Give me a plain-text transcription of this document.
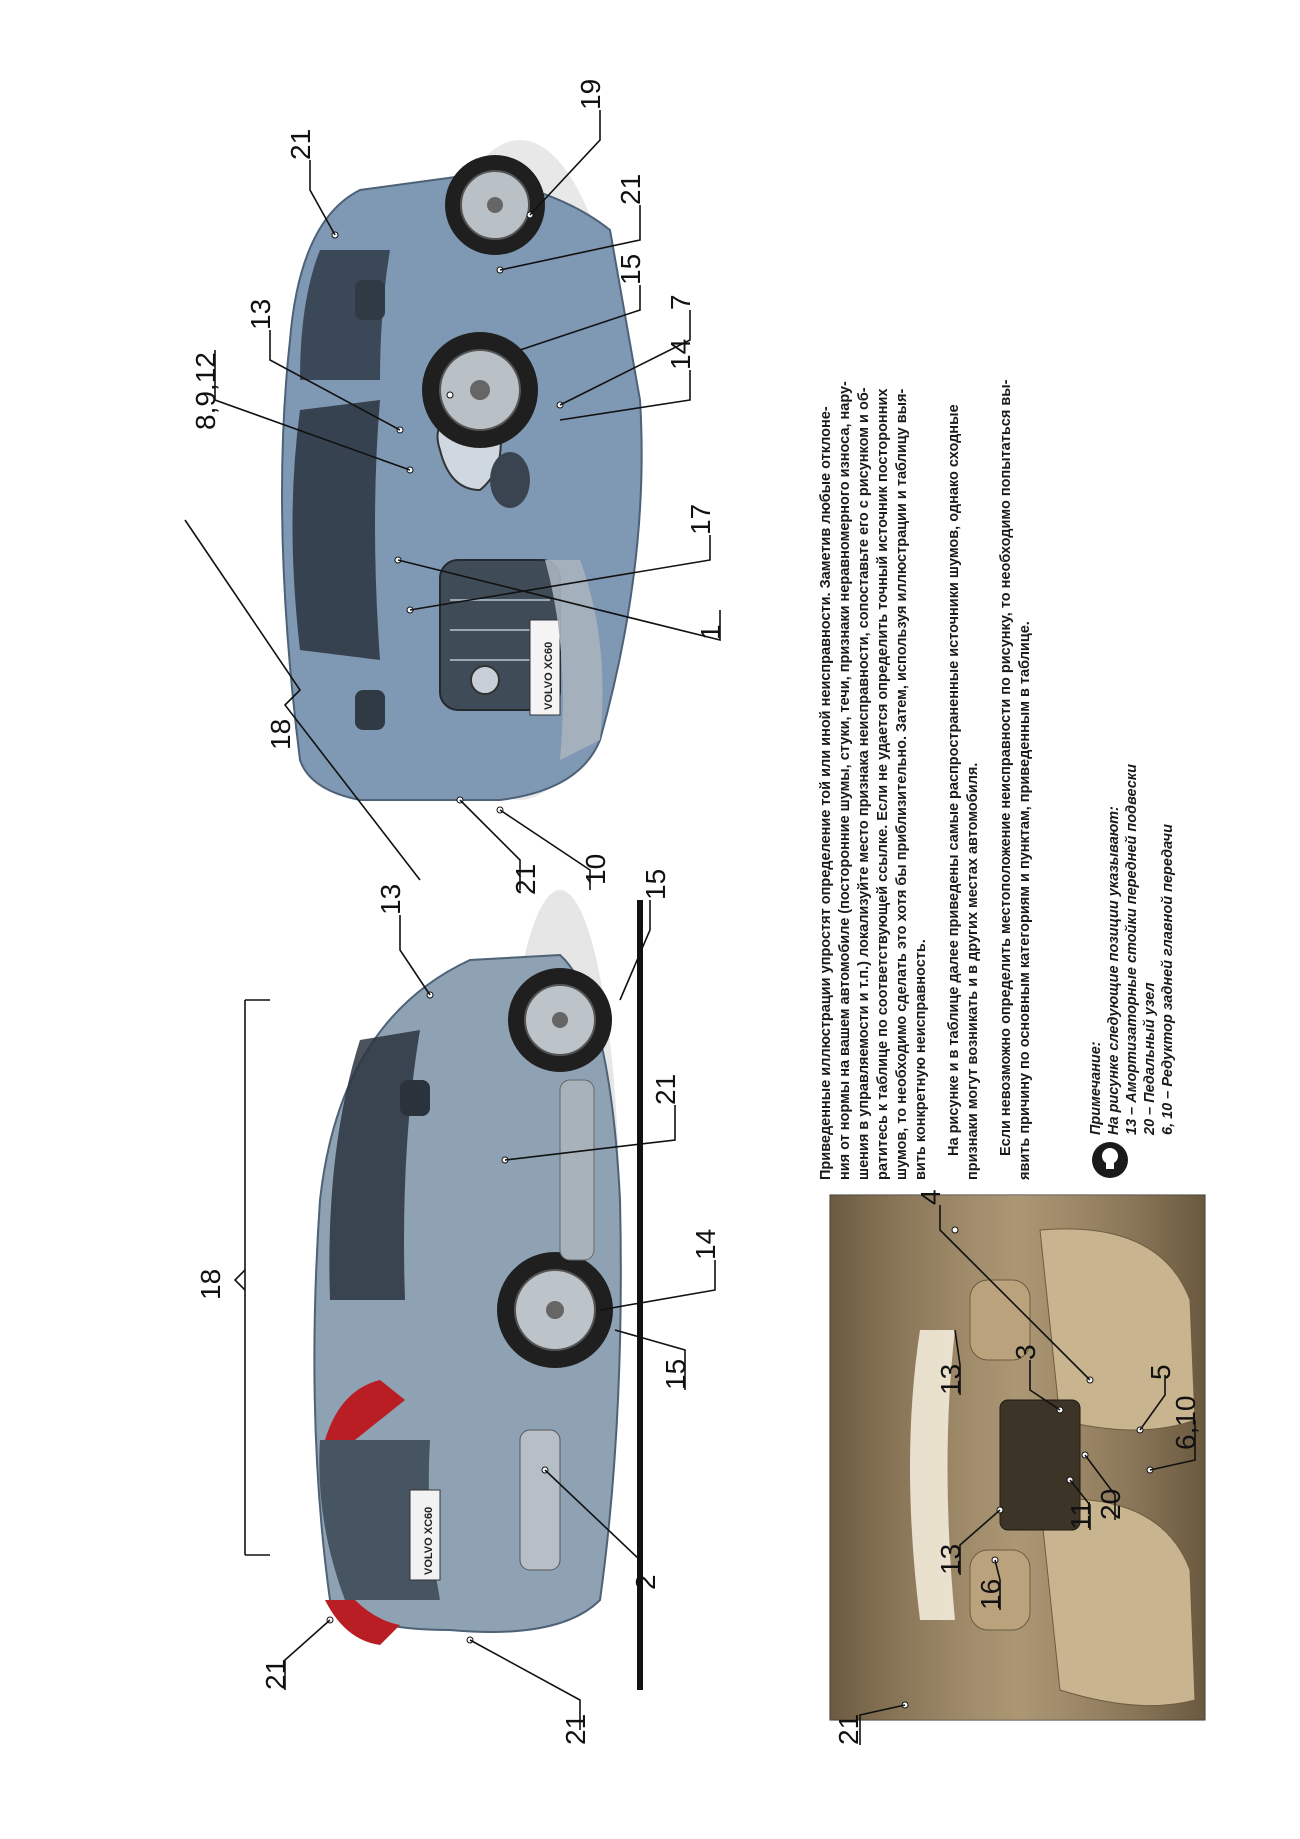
VOLVO XC60
19
21
21
15
13	7
14
8,9,12
17
1
18
10
21
VOLVO XC60
13	15
21
18
14
15
2
21
21
4
13
3
5
6,10
20
11
13
16
21
Приведенные иллюстрации упростят определение той или иной неисправности. Заметив любые отклоне- ния от нормы на вашем автомобиле (посторонние шумы, стуки, течи, признаки неравномерного износа, нару- шения в управляемости и т.п.) локализуйте место признака неисправности, сопоставьте его с рисунком и об- ратитесь к таблице по соответствующей ссылке. Если не удается определить точный источник посторонних шумов, то необходимо сделать это хотя бы приблизительно. Затем, используя иллюстрации и таблицу выя- вить конкретную неисправность. На рисунке и в таблице далее приведены самые распространенные источники шумов, однако сходные признаки могут возникать и в других местах автомобиля. Если невозможно определить местоположение неисправности по рисунку, то необходимо попытаться вы- явить причину по основным категориям и пунктам, приведенным в таблице.	Примечание: На рисунке следующие позиции указывают: 13 – Амортизаторные стойки передней подвески 20 – Педальный узел 6, 10 – Редуктор задней главной передачи
